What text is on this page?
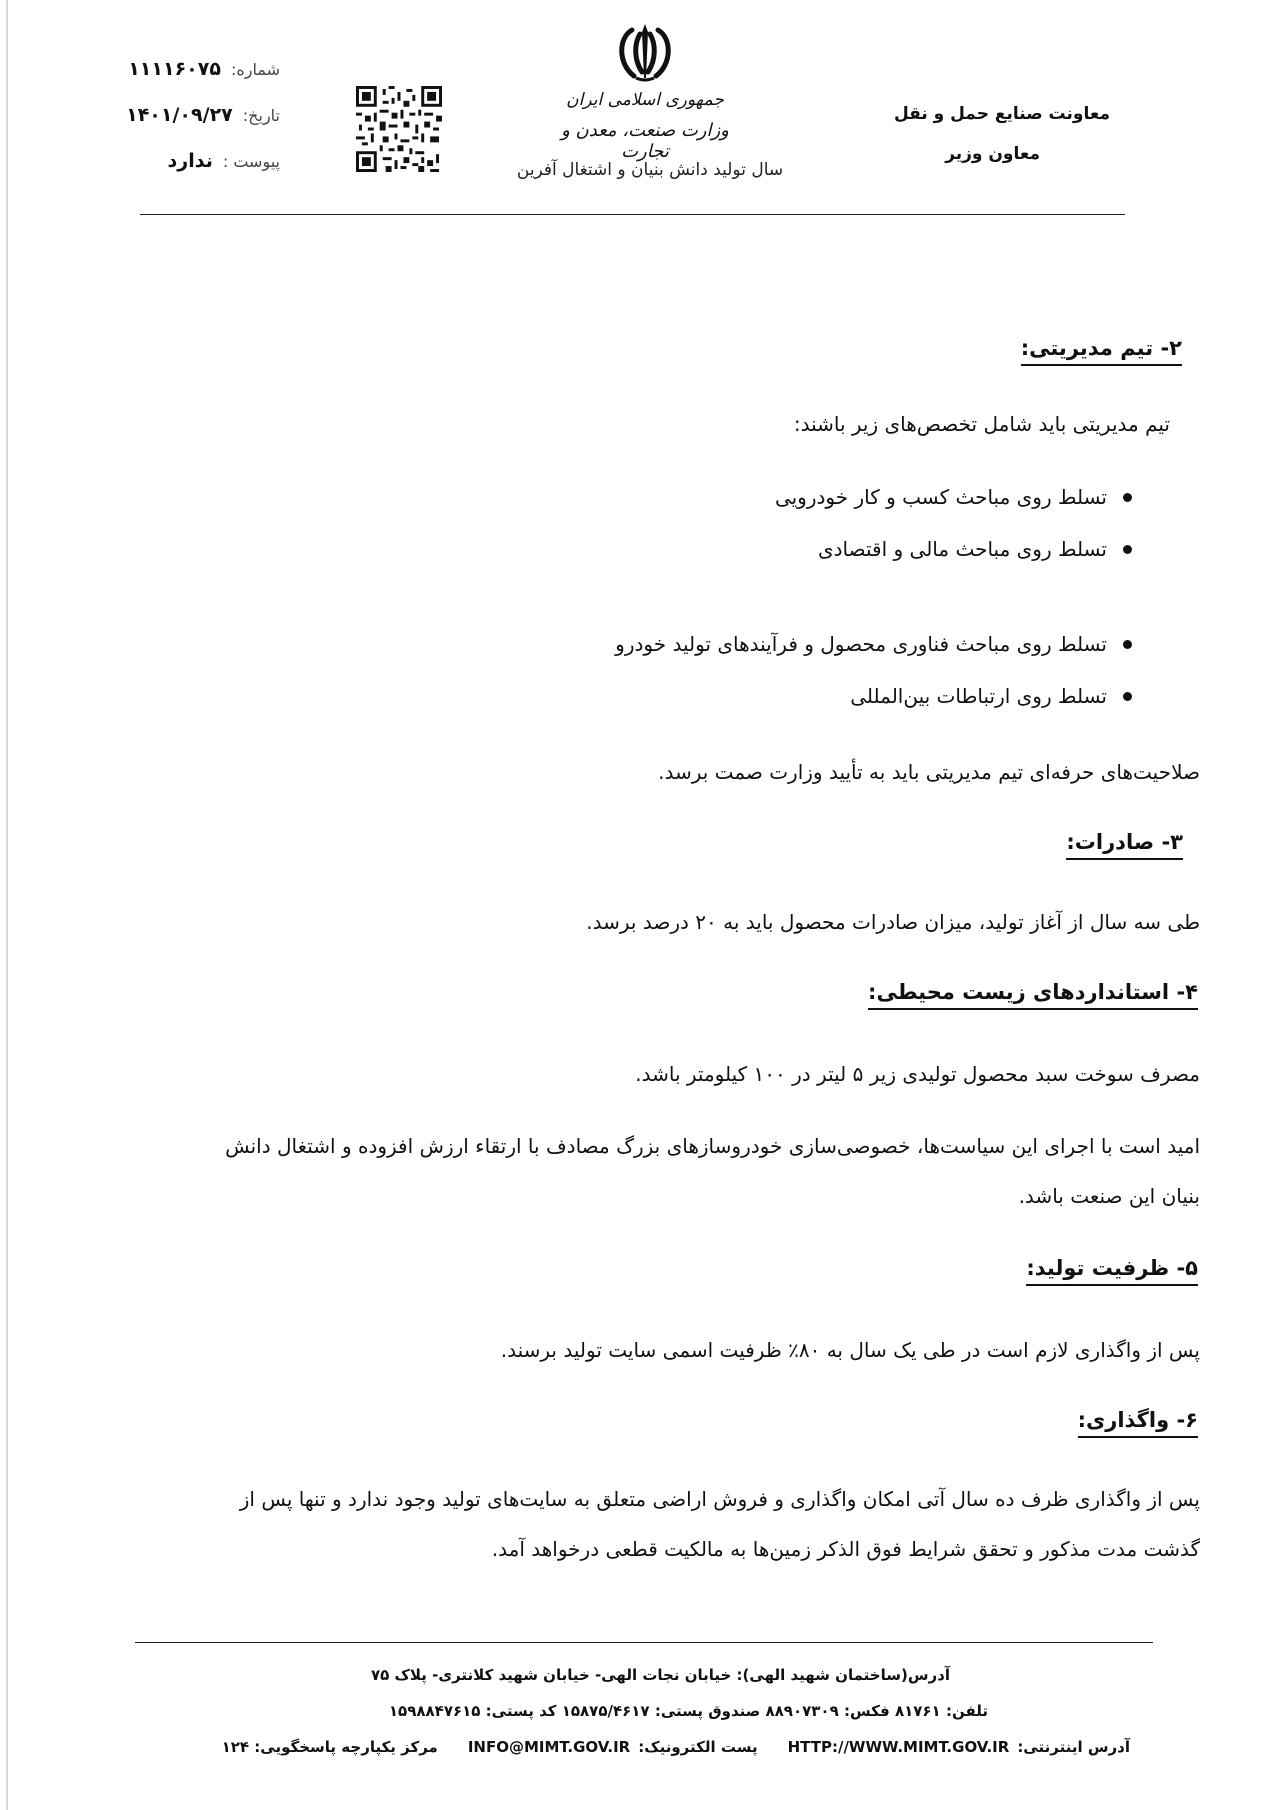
شماره:
۱۱۱۱۶۰۷۵
تاریخ:
۱۴۰۱/۰۹/۲۷
پیوست :
ندارد
جمهوری اسلامی ایران
وزارت صنعت، معدن و تجارت
سال تولید دانش بنیان و اشتغال آفرین
معاونت صنایع حمل و نقل
معاون وزیر
۲- تیم مدیریتی:
تیم مدیریتی باید شامل تخصص‌های زیر باشند:
تسلط روی مباحث کسب و کار خودرویی
تسلط روی مباحث مالی و اقتصادی
تسلط روی مباحث فناوری محصول و فرآیندهای تولید خودرو
تسلط روی ارتباطات بین‌المللی
صلاحیت‌های حرفه‌ای تیم مدیریتی باید به تأیید وزارت صمت برسد.
۳- صادرات:
طی سه سال از آغاز تولید، میزان صادرات محصول باید به ۲۰ درصد برسد.
۴- استانداردهای زیست محیطی:
مصرف سوخت سبد محصول تولیدی زیر ۵ لیتر در ۱۰۰ کیلومتر باشد.
امید است با اجرای این سیاست‌ها، خصوصی‌سازی خودروسازهای بزرگ مصادف با ارتقاء ارزش افزوده و اشتغال دانش
بنیان این صنعت باشد.
۵- ظرفیت تولید:
پس از واگذاری لازم است در طی یک سال به ۸۰٪ ظرفیت اسمی سایت تولید برسند.
۶- واگذاری:
پس از واگذاری ظرف ده سال آتی امکان واگذاری و فروش اراضی متعلق به سایت‌های تولید وجود ندارد و تنها پس از
گذشت مدت مذکور و تحقق شرایط فوق الذکر زمین‌ها به مالکیت قطعی درخواهد آمد.
آدرس(ساختمان شهید الهی): خیابان نجات الهی- خیابان شهید کلانتری- پلاک ۷۵
تلفن: ۸۱۷۶۱ فکس: ۸۸۹۰۷۳۰۹ صندوق پستی: ۱۵۸۷۵/۴۶۱۷ کد پستی: ۱۵۹۸۸۴۷۶۱۵
آدرس اینترنتی:
HTTP://WWW.MIMT.GOV.IR
پست الکترونیک:
INFO@MIMT.GOV.IR
مرکز یکپارچه پاسخگویی: ۱۲۴
